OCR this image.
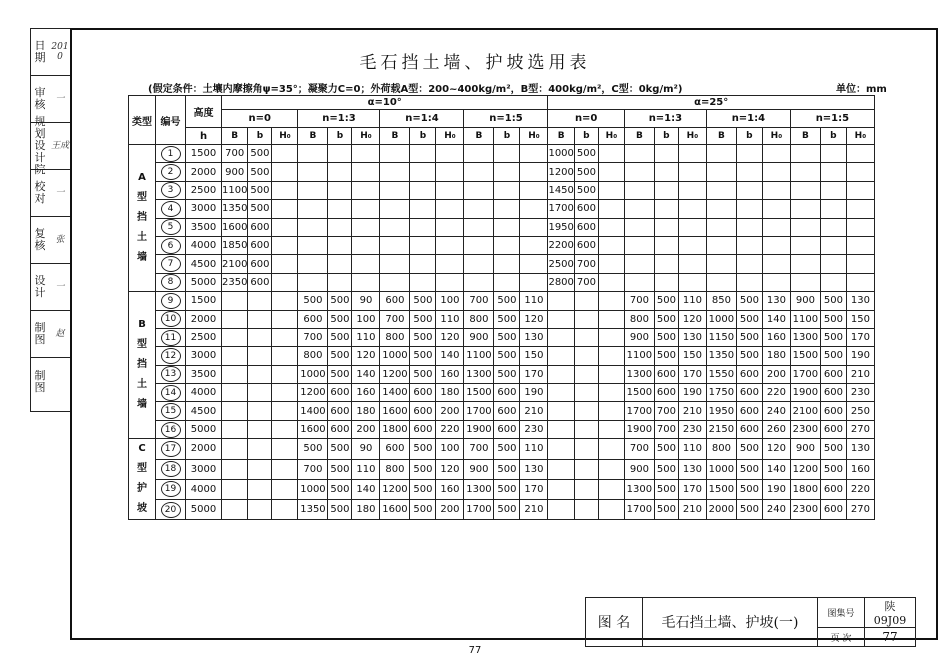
日期
2010
审核	一
规划设计院
王成
校对	一
复核	张
设计	一
制图	赵
制图
毛石挡土墙、护坡选用表
(假定条件：土壤内摩擦角ψ=35°；凝聚力C=0；外荷载A型：200~400kg/m²，B型：400kg/m²，C型：0kg/m²)	单位：mm
类型	编号	高度	α=10°												α=25°											
			n=0			n=1:3			n=1:4			n=1:5			n=0			n=1:3			n=1:4			n=1:5		
		h	B	b	H₀	B	b	H₀	B	b	H₀	B	b	H₀	B	b	H₀	B	b	H₀	B	b	H₀	B	b	H₀
A型挡土墙	1	1500	700	500											1000	500										
	2	2000	900	500											1200	500										
	3	2500	1100	500											1450	500										
	4	3000	1350	500											1700	600										
	5	3500	1600	600											1950	600										
	6	4000	1850	600											2200	600										
	7	4500	2100	600											2500	700										
	8	5000	2350	600											2800	700										
B型挡土墙	9	1500				500	500	90	600	500	100	700	500	110				700	500	110	850	500	130	900	500	130
	10	2000				600	500	100	700	500	110	800	500	120				800	500	120	1000	500	140	1100	500	150
	11	2500				700	500	110	800	500	120	900	500	130				900	500	130	1150	500	160	1300	500	170
	12	3000				800	500	120	1000	500	140	1100	500	150				1100	500	150	1350	500	180	1500	500	190
	13	3500				1000	500	140	1200	500	160	1300	500	170				1300	600	170	1550	600	200	1700	600	210
	14	4000				1200	600	160	1400	600	180	1500	600	190				1500	600	190	1750	600	220	1900	600	230
	15	4500				1400	600	180	1600	600	200	1700	600	210				1700	700	210	1950	600	240	2100	600	250
	16	5000				1600	600	200	1800	600	220	1900	600	230				1900	700	230	2150	600	260	2300	600	270
C型护坡	17	2000				500	500	90	600	500	100	700	500	110				700	500	110	800	500	120	900	500	130
	18	3000				700	500	110	800	500	120	900	500	130				900	500	130	1000	500	140	1200	500	160
	19	4000				1000	500	140	1200	500	160	1300	500	170				1300	500	170	1500	500	190	1800	600	220
	20	5000				1350	500	180	1600	500	200	1700	500	210				1700	500	210	2000	500	240	2300	600	270
图 名	毛石挡土墙、护坡(一)	图集号	陕09J09
		页 次	77
77
